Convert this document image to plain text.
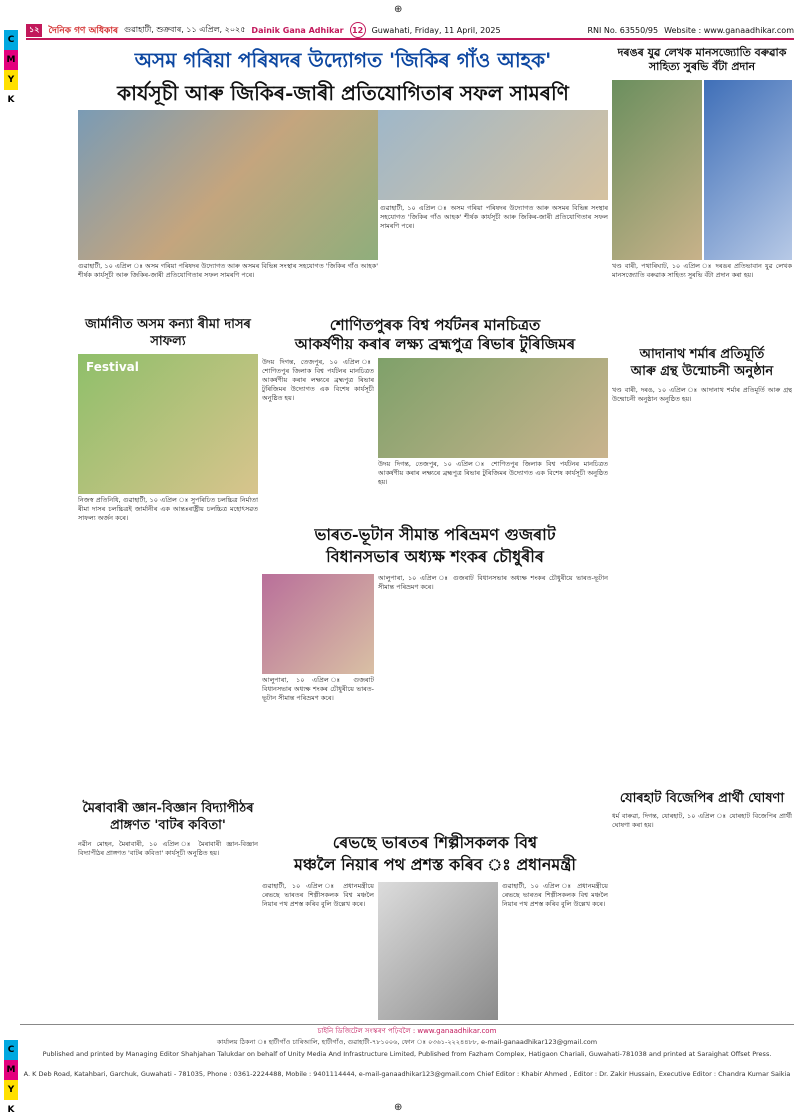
⊕
⊕
C
M
Y
K
C
M
Y
K
১২	দৈনিক গণ অধিকাৰ গুৱাহাটী, শুক্ৰবাৰ, ১১ এপ্ৰিল, ২০২৫ Dainik Gana Adhikar	12	Guwahati, Friday, 11 April, 2025	RNI No. 63550/95 Website : www.ganaadhikar.com
অসম গৰিয়া পৰিষদৰ উদ্যোগত 'জিকিৰ গাঁও আহক'
কাৰ্যসূচী আৰু জিকিৰ-জাৰী প্ৰতিযোগিতাৰ সফল সামৰণি
গুৱাহাটী, ১০ এপ্ৰিল ঃ অসম গৰিয়া পৰিষদৰ উদ্যোগত আৰু অসমৰ বিভিন্ন সংস্থাৰ সহযোগত 'জিকিৰ গাঁও আহক' শীৰ্ষক কাৰ্যসূচী আৰু জিকিৰ-জাৰী প্ৰতিযোগিতাৰ সফল সামৰণি পৰে।
গুৱাহাটী, ১০ এপ্ৰিল ঃ অসম গৰিয়া পৰিষদৰ উদ্যোগত আৰু অসমৰ বিভিন্ন সংস্থাৰ সহযোগত 'জিকিৰ গাঁও আহক' শীৰ্ষক কাৰ্যসূচী আৰু জিকিৰ-জাৰী প্ৰতিযোগিতাৰ সফল সামৰণি পৰে।
দৰঙৰ যুৱ লেখক মানসজ্যোতি বৰুৱাক সাহিত্য সুৰভি বঁটা প্ৰদান
খণ্ড বাৰী, পথাৰিঘাট, ১০ এপ্ৰিল ঃ দৰঙৰ প্ৰতিভাবান যুৱ লেখক মানসজ্যোতি বৰুৱাক সাহিত্য সুৰভি বঁটা প্ৰদান কৰা হয়।
জাৰ্মানীত অসম কন্যা ৰীমা দাসৰ সাফল্য
Festival
নিজস্ব প্ৰতিনিধি, গুৱাহাটী, ১০ এপ্ৰিল ঃ সুপৰিচিত চলচ্চিত্ৰ নিৰ্মাতা ৰীমা দাসৰ চলচ্চিত্ৰই জাৰ্মানীৰ এক আন্তঃৰাষ্ট্ৰীয় চলচ্চিত্ৰ মহোৎসৱত সাফল্য অৰ্জন কৰে।
শোণিতপুৰক বিশ্ব পৰ্যটনৰ মানচিত্ৰত
আকৰ্ষণীয় কৰাৰ লক্ষ্য ব্ৰহ্মপুত্ৰ ৰিভাৰ টুৰিজিমৰ
উদয় দিগন্ত, তেজপুৰ, ১০ এপ্ৰিল ঃ শোণিতপুৰ জিলাক বিশ্ব পৰ্যটনৰ মানচিত্ৰত আকৰ্ষণীয় কৰাৰ লক্ষ্যৰে ব্ৰহ্মপুত্ৰ ৰিভাৰ টুৰিজিমৰ উদ্যোগত এক বিশেষ কাৰ্যসূচী অনুষ্ঠিত হয়।
উদয় দিগন্ত, তেজপুৰ, ১০ এপ্ৰিল ঃ শোণিতপুৰ জিলাক বিশ্ব পৰ্যটনৰ মানচিত্ৰত আকৰ্ষণীয় কৰাৰ লক্ষ্যৰে ব্ৰহ্মপুত্ৰ ৰিভাৰ টুৰিজিমৰ উদ্যোগত এক বিশেষ কাৰ্যসূচী অনুষ্ঠিত হয়।
আদানাথ শৰ্মাৰ প্ৰতিমূৰ্তি
আৰু গ্ৰন্থ উন্মোচনী অনুষ্ঠান
খণ্ড বাৰী, দৰঙ, ১০ এপ্ৰিল ঃ আদানাথ শৰ্মাৰ প্ৰতিমূৰ্তি আৰু গ্ৰন্থ উন্মোচনী অনুষ্ঠান অনুষ্ঠিত হয়।
ভাৰত-ভূটান সীমান্ত পৰিভ্ৰমণ গুজৰাট
বিধানসভাৰ অধ্যক্ষ শংকৰ চৌধুৰীৰ
আলুপাৰা, ১০ এপ্ৰিল ঃ গুজৰাট বিধানসভাৰ অধ্যক্ষ শংকৰ চৌধুৰীয়ে ভাৰত-ভূটান সীমান্ত পৰিভ্ৰমণ কৰে।
আলুপাৰা, ১০ এপ্ৰিল ঃ গুজৰাট বিধানসভাৰ অধ্যক্ষ শংকৰ চৌধুৰীয়ে ভাৰত-ভূটান সীমান্ত পৰিভ্ৰমণ কৰে।
মৈৰাবাৰী জ্ঞান-বিজ্ঞান বিদ্যাপীঠৰ প্ৰাঙ্গণত 'বাটৰ কবিতা'
নৱীন মোহন, মৈৰাবাৰী, ১০ এপ্ৰিল ঃ মৈৰাবাৰী জ্ঞান-বিজ্ঞান বিদ্যাপীঠৰ প্ৰাঙ্গণত 'বাটৰ কবিতা' কাৰ্যসূচী অনুষ্ঠিত হয়।
যোৰহাট বিজেপিৰ প্ৰাৰ্থী ঘোষণা
ধৰ্ম বাৰুৱা, দিগন্ত, যোৰহাট, ১০ এপ্ৰিল ঃ যোৰহাট বিজেপিৰ প্ৰাৰ্থী ঘোষণা কৰা হয়।
ৰেভছে ভাৰতৰ শিল্পীসকলক বিশ্ব
মঞ্চলৈ নিয়াৰ পথ প্ৰশস্ত কৰিব ঃ প্ৰধানমন্ত্ৰী
গুৱাহাটী, ১০ এপ্ৰিল ঃ প্ৰধানমন্ত্ৰীয়ে ৰেভছে ভাৰতৰ শিল্পীসকলক বিশ্ব মঞ্চলৈ নিয়াৰ পথ প্ৰশস্ত কৰিব বুলি উল্লেখ কৰে।
গুৱাহাটী, ১০ এপ্ৰিল ঃ প্ৰধানমন্ত্ৰীয়ে ৰেভছে ভাৰতৰ শিল্পীসকলক বিশ্ব মঞ্চলৈ নিয়াৰ পথ প্ৰশস্ত কৰিব বুলি উল্লেখ কৰে।
চাইনি ডিজিটেল সংস্কৰণ পঢ়িবলৈ : www.ganaadhikar.com
কাৰ্যালয় ঠিকনা ঃ হাটীগাঁও চাৰিআলি, হাটীগাঁও, গুৱাহাটী-৭৮১০০৬, ফোন ঃ ০৩৬১-২২২৪৪৮৮, e-mail-ganaadhikar123@gmail.com
Published and printed by Managing Editor Shahjahan Talukdar on behalf of Unity Media And Infrastructure Limited, Published from Fazham Complex, Hatigaon Chariali, Guwahati-781038 and printed at Saraighat Offset Press.
A. K Deb Road, Katahbari, Garchuk, Guwahati - 781035, Phone : 0361-2224488, Mobile : 9401114444, e-mail-ganaadhikar123@gmail.com Chief Editor : Khabir Ahmed , Editor : Dr. Zakir Hussain, Executive Editor : Chandra Kumar Saikia
